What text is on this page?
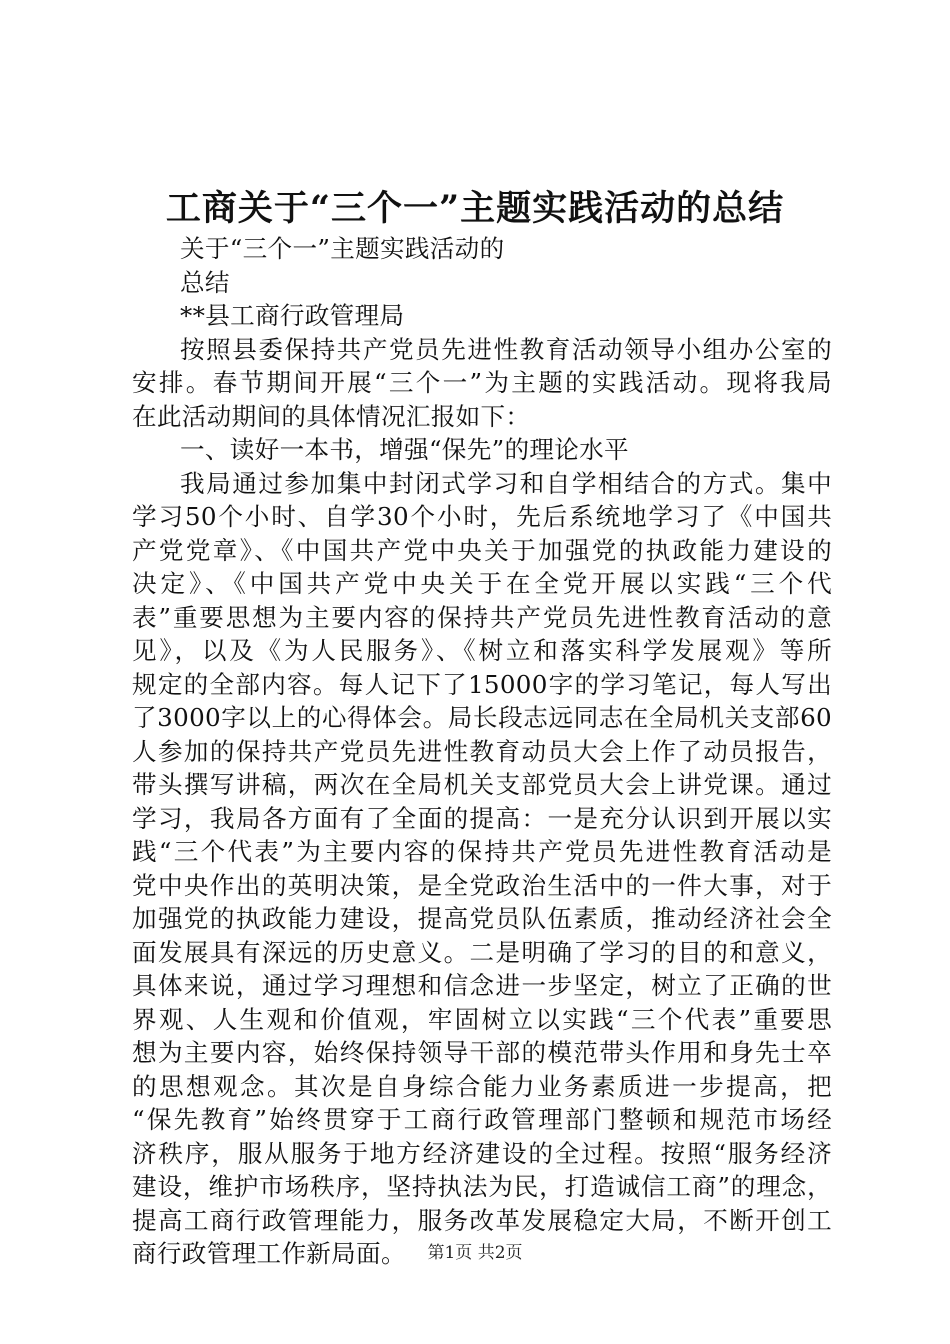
工商关于“三个一”主题实践活动的总结
关于“三个一”主题实践活动的
总结
**县工商行政管理局
按照县委保持共产党员先进性教育活动领导小组办公室的
安排。春节期间开展“三个一”为主题的实践活动。现将我局
在此活动期间的具体情况汇报如下：
一、读好一本书，增强“保先”的理论水平
我局通过参加集中封闭式学习和自学相结合的方式。集中
学习50个小时、自学30个小时，先后系统地学习了《中国共
产党党章》、《中国共产党中央关于加强党的执政能力建设的
决定》、《中国共产党中央关于在全党开展以实践“三个代
表”重要思想为主要内容的保持共产党员先进性教育活动的意
见》，以及《为人民服务》、《树立和落实科学发展观》等所
规定的全部内容。每人记下了15000字的学习笔记，每人写出
了3000字以上的心得体会。局长段志远同志在全局机关支部60
人参加的保持共产党员先进性教育动员大会上作了动员报告，
带头撰写讲稿，两次在全局机关支部党员大会上讲党课。通过
学习，我局各方面有了全面的提高：一是充分认识到开展以实
践“三个代表”为主要内容的保持共产党员先进性教育活动是
党中央作出的英明决策，是全党政治生活中的一件大事，对于
加强党的执政能力建设，提高党员队伍素质，推动经济社会全
面发展具有深远的历史意义。二是明确了学习的目的和意义，
具体来说，通过学习理想和信念进一步坚定，树立了正确的世
界观、人生观和价值观，牢固树立以实践“三个代表”重要思
想为主要内容，始终保持领导干部的模范带头作用和身先士卒
的思想观念。其次是自身综合能力业务素质进一步提高，把
“保先教育”始终贯穿于工商行政管理部门整顿和规范市场经
济秩序，服从服务于地方经济建设的全过程。按照“服务经济
建设，维护市场秩序，坚持执法为民，打造诚信工商”的理念，
提高工商行政管理能力，服务改革发展稳定大局，不断开创工
商行政管理工作新局面。	第1页 共2页
